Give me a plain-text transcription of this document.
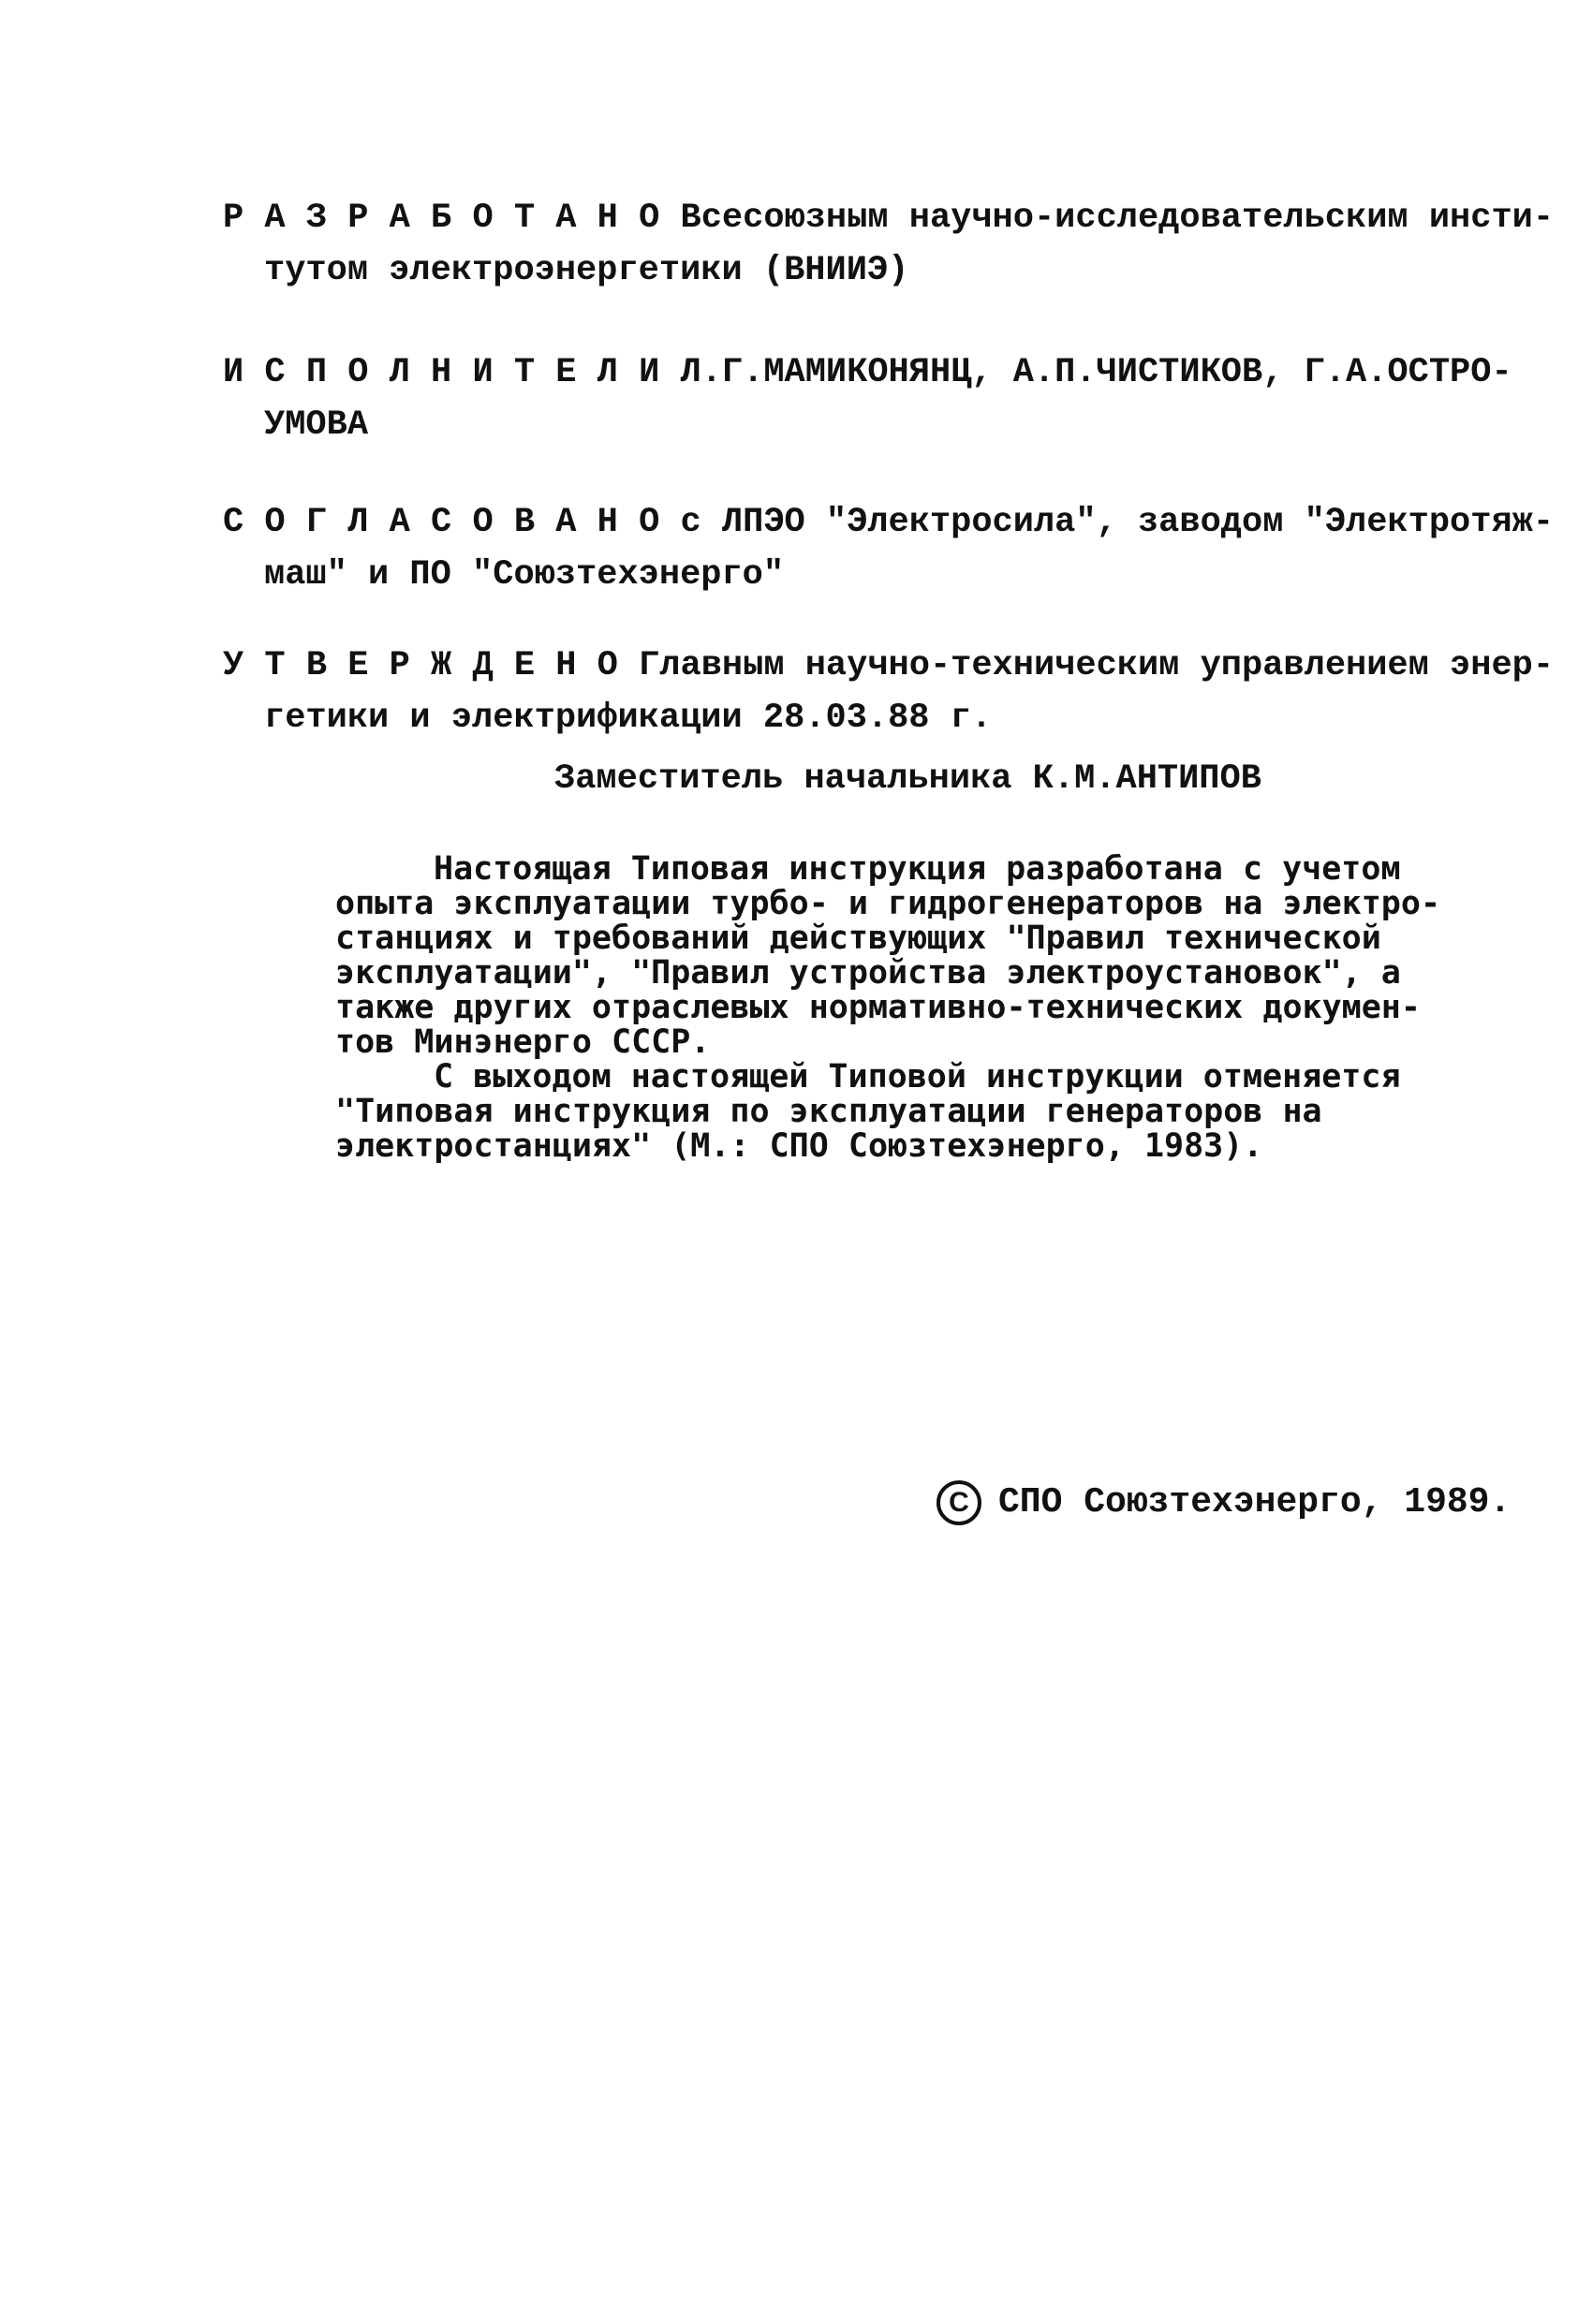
Р А З Р А Б О Т А Н О Всесоюзным научно-исследовательским инсти-
тутом электроэнергетики (ВНИИЭ)
И С П О Л Н И Т Е Л И Л.Г.МАМИКОНЯНЦ, А.П.ЧИСТИКОВ, Г.А.ОСТРО-
УМОВА
С О Г Л А С О В А Н О с ЛПЭО "Электросила", заводом "Электротяж-
маш" и ПО "Союзтехэнерго"
У Т В Е Р Ж Д Е Н О Главным научно-техническим управлением энер-
гетики и электрификации 28.03.88 г.
Заместитель начальника К.М.АНТИПОВ
Настоящая Типовая инструкция разработана с учетом
опыта эксплуатации турбо- и гидрогенераторов на электро-
станциях и требований действующих "Правил технической
эксплуатации", "Правил устройства электроустановок", а
также других отраслевых нормативно-технических докумен-
тов Минэнерго СССР.
С выходом настоящей Типовой инструкции отменяется
"Типовая инструкция по эксплуатации генераторов на
электростанциях" (М.: СПО Союзтехэнерго, 1983).
С СПО Союзтехэнерго, 1989.
